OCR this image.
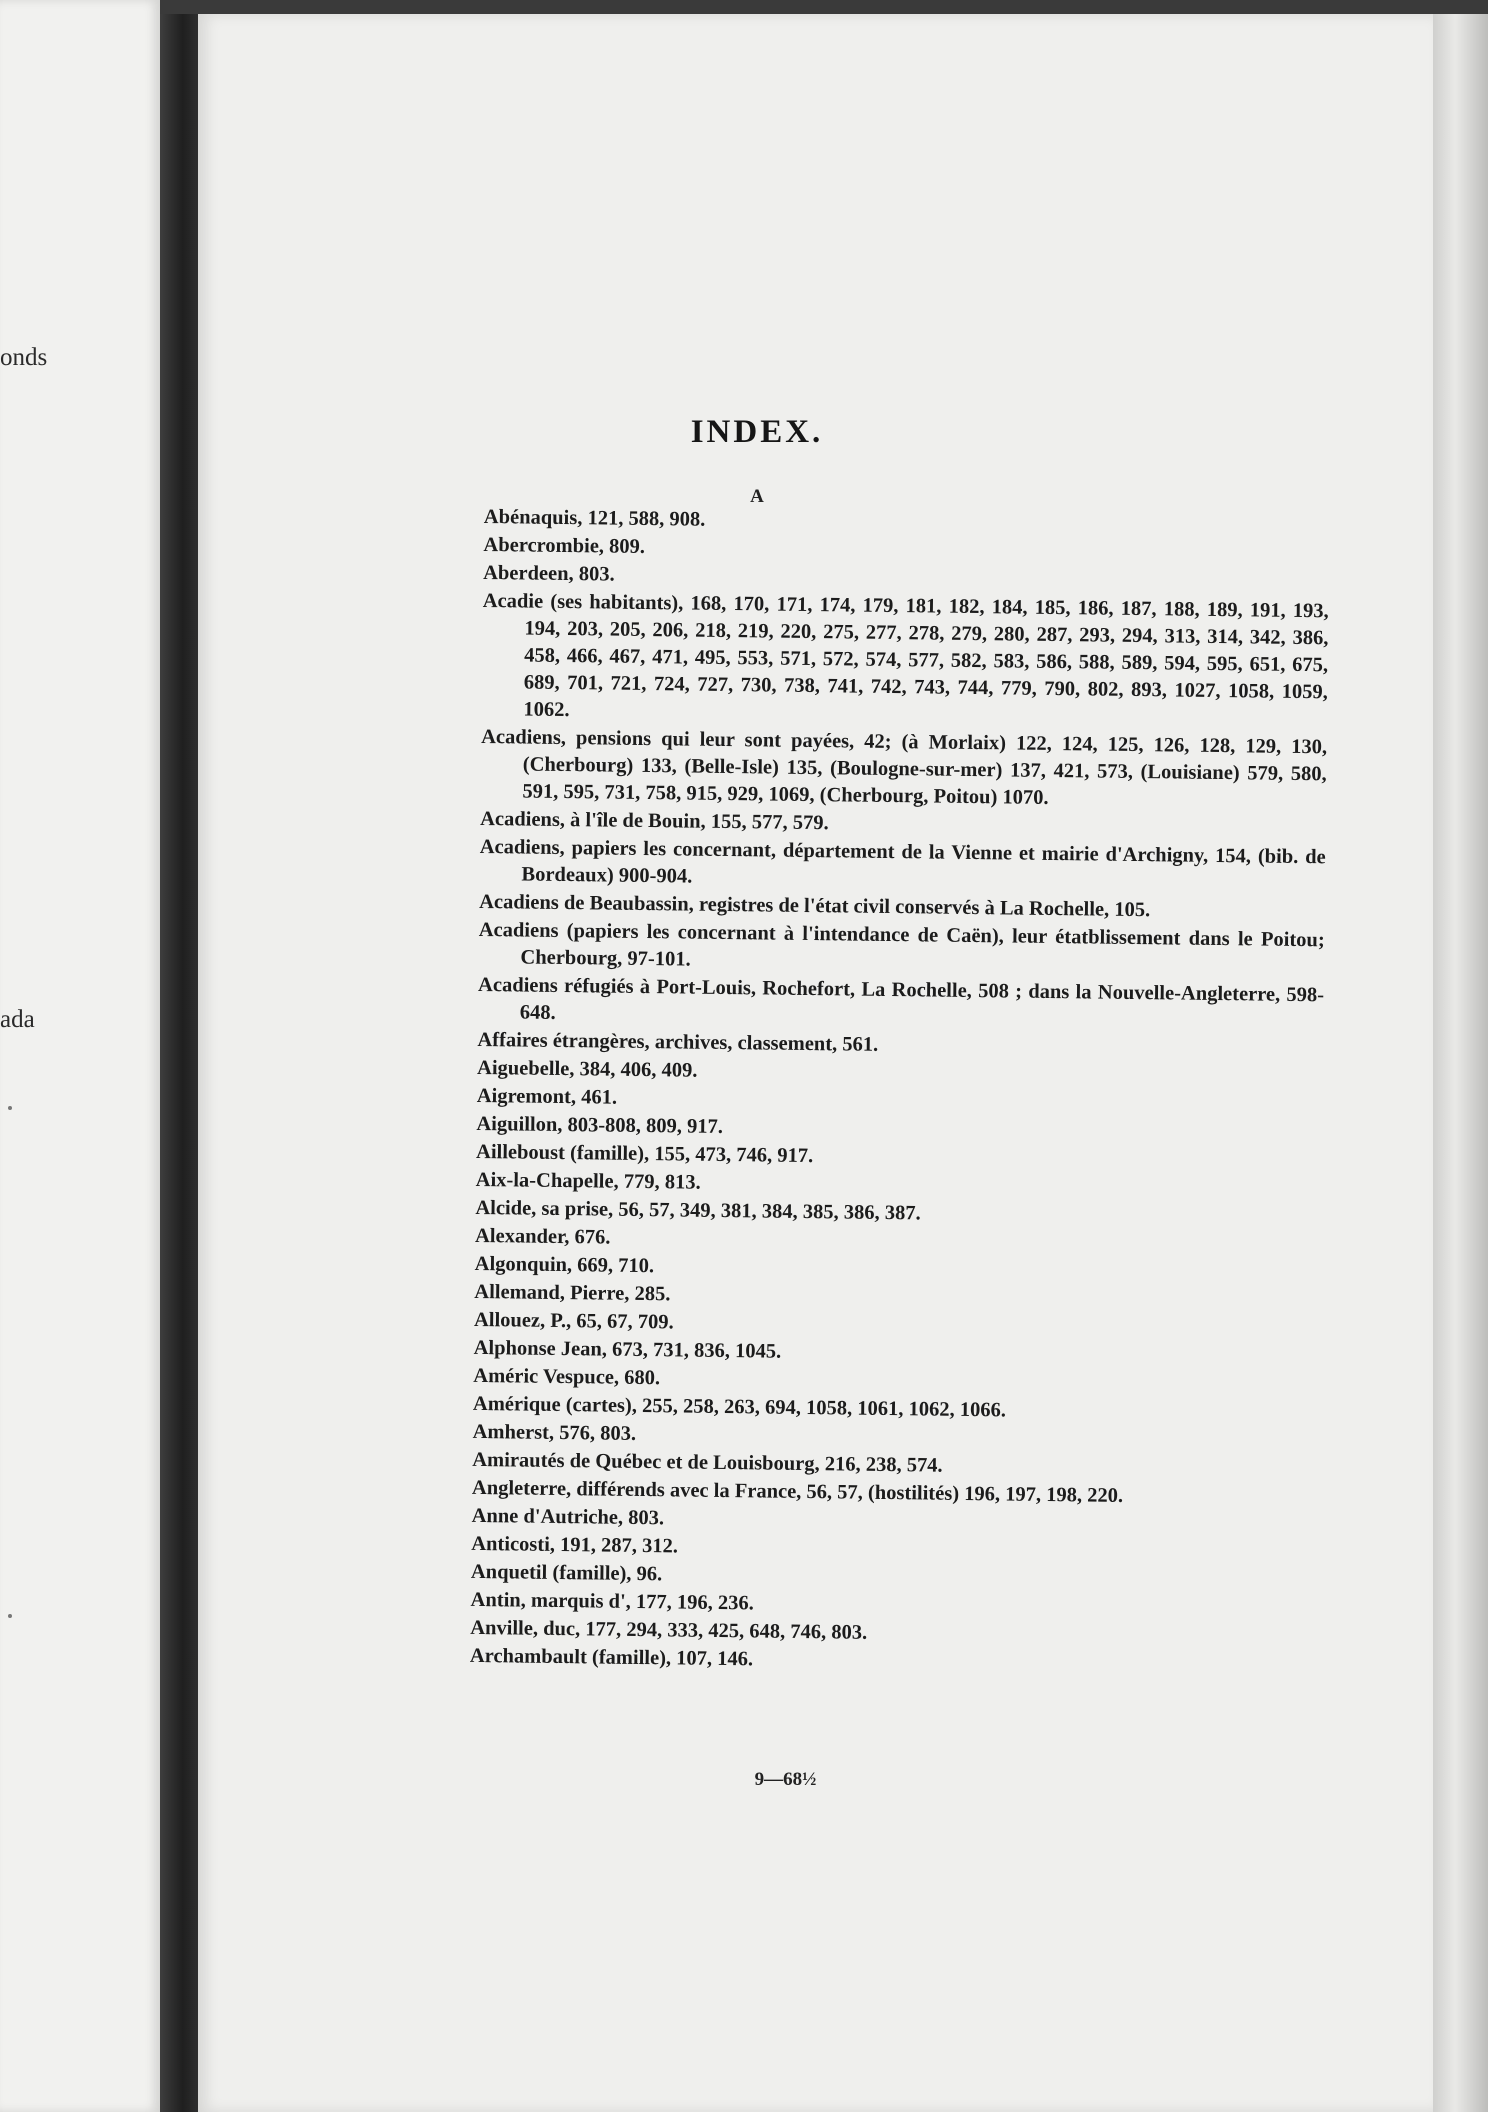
onds
ada
INDEX.
A

Abénaquis, 121, 588, 908.

Abercrombie, 809.

Aberdeen, 803.

Acadie (ses habitants), 168, 170, 171, 174, 179, 181, 182, 184, 185, 186, 187, 188, 189, 191, 193, 194, 203, 205, 206, 218, 219, 220, 275, 277, 278, 279, 280, 287, 293, 294, 313, 314, 342, 386, 458, 466, 467, 471, 495, 553, 571, 572, 574, 577, 582, 583, 586, 588, 589, 594, 595, 651, 675, 689, 701, 721, 724, 727, 730, 738, 741, 742, 743, 744, 779, 790, 802, 893, 1027, 1058, 1059, 1062.

Acadiens, pensions qui leur sont payées, 42; (à Morlaix) 122, 124, 125, 126, 128, 129, 130, (Cherbourg) 133, (Belle-Isle) 135, (Boulogne-sur-mer) 137, 421, 573, (Louisiane) 579, 580, 591, 595, 731, 758, 915, 929, 1069, (Cherbourg, Poitou) 1070.

Acadiens, à l'île de Bouin, 155, 577, 579.

Acadiens, papiers les concernant, département de la Vienne et mairie d'Archigny, 154, (bib. de Bordeaux) 900-904.

Acadiens de Beaubassin, registres de l'état civil conservés à La Rochelle, 105.

Acadiens (papiers les concernant à l'intendance de Caën), leur étatblissement dans le Poitou; Cherbourg, 97-101.

Acadiens réfugiés à Port-Louis, Rochefort, La Rochelle, 508 ; dans la Nouvelle-Angleterre, 598-648.

Affaires étrangères, archives, classement, 561.

Aiguebelle, 384, 406, 409.

Aigremont, 461.

Aiguillon, 803-808, 809, 917.

Ailleboust (famille), 155, 473, 746, 917.

Aix-la-Chapelle, 779, 813.

Alcide, sa prise, 56, 57, 349, 381, 384, 385, 386, 387.

Alexander, 676.

Algonquin, 669, 710.

Allemand, Pierre, 285.

Allouez, P., 65, 67, 709.

Alphonse Jean, 673, 731, 836, 1045.

Améric Vespuce, 680.

Amérique (cartes), 255, 258, 263, 694, 1058, 1061, 1062, 1066.

Amherst, 576, 803.

Amirautés de Québec et de Louisbourg, 216, 238, 574.

Angleterre, différends avec la France, 56, 57, (hostilités) 196, 197, 198, 220.

Anne d'Autriche, 803.

Anticosti, 191, 287, 312.

Anquetil (famille), 96.

Antin, marquis d', 177, 196, 236.

Anville, duc, 177, 294, 333, 425, 648, 746, 803.

Archambault (famille), 107, 146.

9—68½
